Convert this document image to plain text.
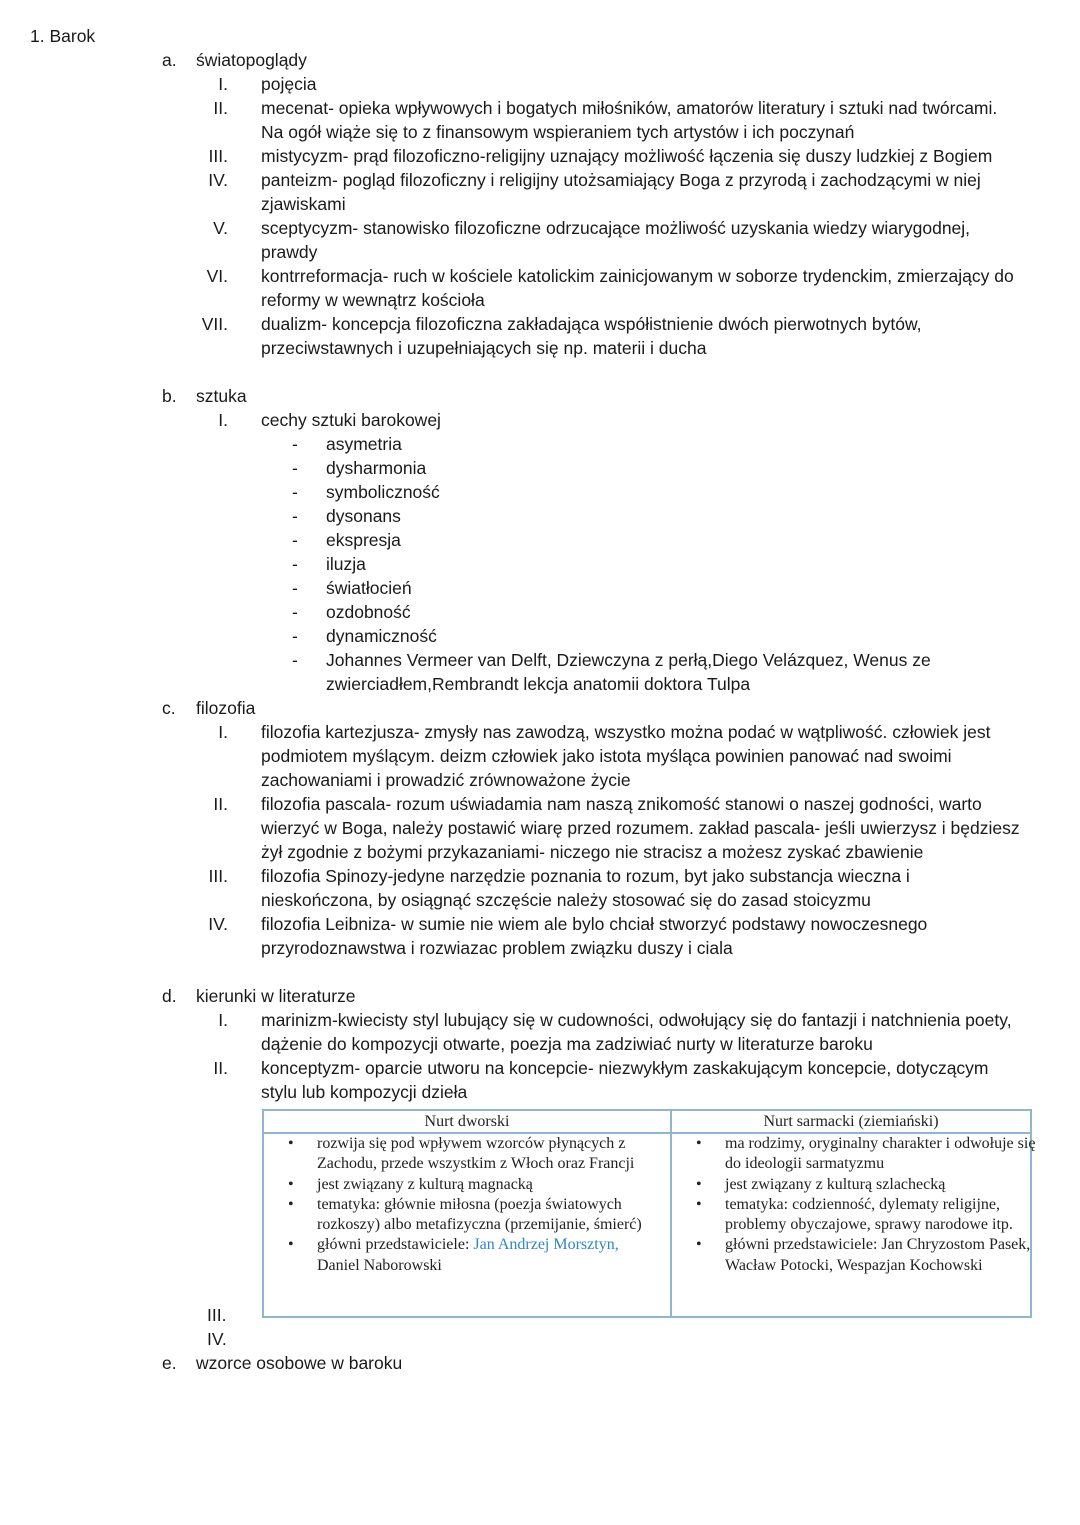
1. Barok
a. światopoglądy
I. pojęcia
II. mecenat- opieka wpływowych i bogatych miłośników, amatorów literatury i sztuki nad twórcami. Na ogół wiąże się to z finansowym wspieraniem tych artystów i ich poczynań
III. mistycyzm- prąd filozoficzno-religijny uznający możliwość łączenia się duszy ludzkiej z Bogiem
IV. panteizm- pogląd filozoficzny i religijny utożsamiający Boga z przyrodą i zachodzącymi w niej zjawiskami
V. sceptycyzm- stanowisko filozoficzne odrzucające możliwość uzyskania wiedzy wiarygodnej, prawdy
VI. kontrreformacja- ruch w kościele katolickim zainicjowanym w soborze trydenckim, zmierzający do reformy w wewnątrz kościoła
VII. dualizm- koncepcja filozoficzna zakładająca współistnienie dwóch pierwotnych bytów, przeciwstawnych i uzupełniających się np. materii i ducha
b. sztuka
I. cechy sztuki barokowej
- asymetria
- dysharmonia
- symboliczność
- dysonans
- ekspresja
- iluzja
- światłocień
- ozdobność
- dynamiczność
- Johannes Vermeer van Delft, Dziewczyna z perłą,Diego Velázquez, Wenus ze zwierciadłem,Rembrandt lekcja anatomii doktora Tulpa
c. filozofia
I. filozofia kartezjusza- zmysły nas zawodzą, wszystko można podać w wątpliwość. człowiek jest podmiotem myślącym. deizm człowiek jako istota myśląca powinien panować nad swoimi zachowaniami i prowadzić zrównoważone życie
II. filozofia pascala- rozum uświadamia nam naszą znikomość stanowi o naszej godności, warto wierzyć w Boga, należy postawić wiarę przed rozumem. zakład pascala- jeśli uwierzysz i będziesz żył zgodnie z bożymi przykazaniami- niczego nie stracisz a możesz zyskać zbawienie
III. filozofia Spinozy-jedyne narzędzie poznania to rozum, byt jako substancja wieczna i nieskończona, by osiągnąć szczęście należy stosować się do zasad stoicyzmu
IV. filozofia Leibniza- w sumie nie wiem ale bylo chciał stworzyć podstawy nowoczesnego przyrodoznawstwa i rozwiazac problem związku duszy i ciala
d. kierunki w literaturze
I. marinizm-kwiecisty styl lubujący się w cudowności, odwołujący się do fantazji i natchnienia poety, dążenie do kompozycji otwarte, poezja ma zadziwiać nurty w literaturze baroku
II. konceptyzm- oparcie utworu na koncepcie- niezwykłym zaskakującym koncepcie, dotyczącym stylu lub kompozycji dzieła
Nurt dworski
• rozwija się pod wpływem wzorców płynących z Zachodu, przede wszystkim z Włoch oraz Francji
• jest związany z kulturą magnacką
• tematyka: głównie miłosna (poezja światowych rozkoszy) albo metafizyczna (przemijanie, śmierć)
• główni przedstawiciele: Jan Andrzej Morsztyn, Daniel Naborowski
Nurt sarmacki (ziemiański)
• ma rodzimy, oryginalny charakter i odwołuje się do ideologii sarmatyzmu
• jest związany z kulturą szlachecką
• tematyka: codzienność, dylematy religijne, problemy obyczajowe, sprawy narodowe itp.
• główni przedstawiciele: Jan Chryzostom Pasek, Wacław Potocki, Wespazjan Kochowski
III.
IV.
e. wzorce osobowe w baroku
